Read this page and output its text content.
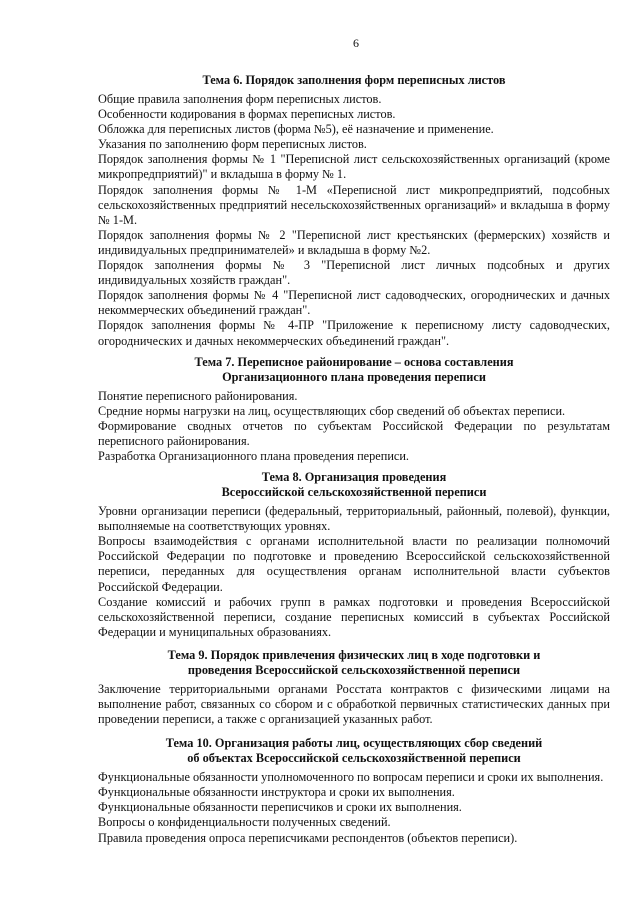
6
Тема 6. Порядок заполнения форм переписных листов

Общие правила заполнения форм переписных листов.

Особенности кодирования в формах переписных листов.

Обложка для переписных листов (форма №5), её назначение и применение.

Указания по заполнению форм переписных листов.

Порядок заполнения формы № 1 "Переписной лист сельскохозяйственных организаций (кроме микропредприятий)" и вкладыша в форму № 1.

Порядок заполнения формы № 1-М «Переписной лист микропредприятий, подсобных сельскохозяйственных предприятий несельскохозяйственных организаций» и вкладыша в форму № 1-М.

Порядок заполнения формы № 2 "Переписной лист крестьянских (фермерских) хозяйств и индивидуальных предпринимателей» и вкладыша в форму №2.

Порядок заполнения формы № 3 "Переписной лист личных подсобных и других индивидуальных хозяйств граждан".

Порядок заполнения формы № 4 "Переписной лист садоводческих, огороднических и дачных некоммерческих объединений граждан".

Порядок заполнения формы № 4-ПР "Приложение к переписному листу садоводческих, огороднических и дачных некоммерческих объединений граждан".

Тема 7. Переписное районирование – основа составления
Организационного плана проведения переписи

Понятие переписного районирования.

Средние нормы нагрузки на лиц, осуществляющих сбор сведений об объектах переписи.

Формирование сводных отчетов по субъектам Российской Федерации по результатам переписного районирования.

Разработка Организационного плана проведения переписи.

Тема 8. Организация проведения
Всероссийской сельскохозяйственной переписи

Уровни организации переписи (федеральный, территориальный, районный, полевой), функции, выполняемые на соответствующих уровнях.

Вопросы взаимодействия с органами исполнительной власти по реализации полномочий Российской Федерации по подготовке и проведению Всероссийской сельскохозяйственной переписи, переданных для осуществления органам исполнительной власти субъектов Российской Федерации.

Создание комиссий и рабочих групп в рамках подготовки и проведения Всероссийской сельскохозяйственной переписи, создание переписных комиссий в субъектах Российской Федерации и муниципальных образованиях.

Тема 9. Порядок привлечения физических лиц в ходе подготовки и
проведения Всероссийской сельскохозяйственной переписи

Заключение территориальными органами Росстата контрактов с физическими лицами на выполнение работ, связанных со сбором и с обработкой первичных статистических данных при проведении переписи, а также с организацией указанных работ.

Тема 10. Организация работы лиц, осуществляющих сбор сведений
об объектах Всероссийской сельскохозяйственной переписи

Функциональные обязанности уполномоченного по вопросам переписи и сроки их выполнения.

Функциональные обязанности инструктора и сроки их выполнения.

Функциональные обязанности переписчиков и сроки их выполнения.

Вопросы о конфиденциальности полученных сведений.

Правила проведения опроса переписчиками респондентов (объектов переписи).
